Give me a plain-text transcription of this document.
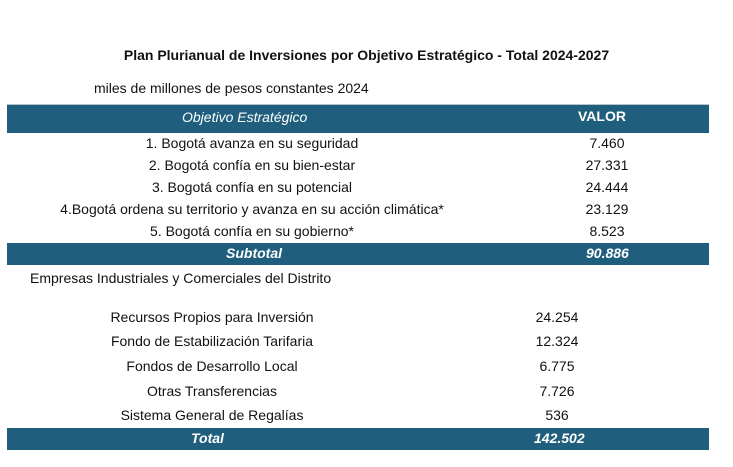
Plan Plurianual de Inversiones por Objetivo Estratégico - Total 2024-2027
miles de millones de pesos constantes 2024
Objetivo Estratégico	VALOR
1. Bogotá avanza en su seguridad	7.460
2. Bogotá confía en su bien-estar	27.331
3. Bogotá confía en su potencial	24.444
4.Bogotá ordena su territorio y avanza en su acción climática*	23.129
5. Bogotá confía en su gobierno*	8.523
Subtotal	90.886
Empresas Industriales y Comerciales del Distrito
Recursos Propios para Inversión	24.254
Fondo de Estabilización Tarifaria	12.324
Fondos de Desarrollo Local	6.775
Otras Transferencias	7.726
Sistema General de Regalías	536
Total	142.502
